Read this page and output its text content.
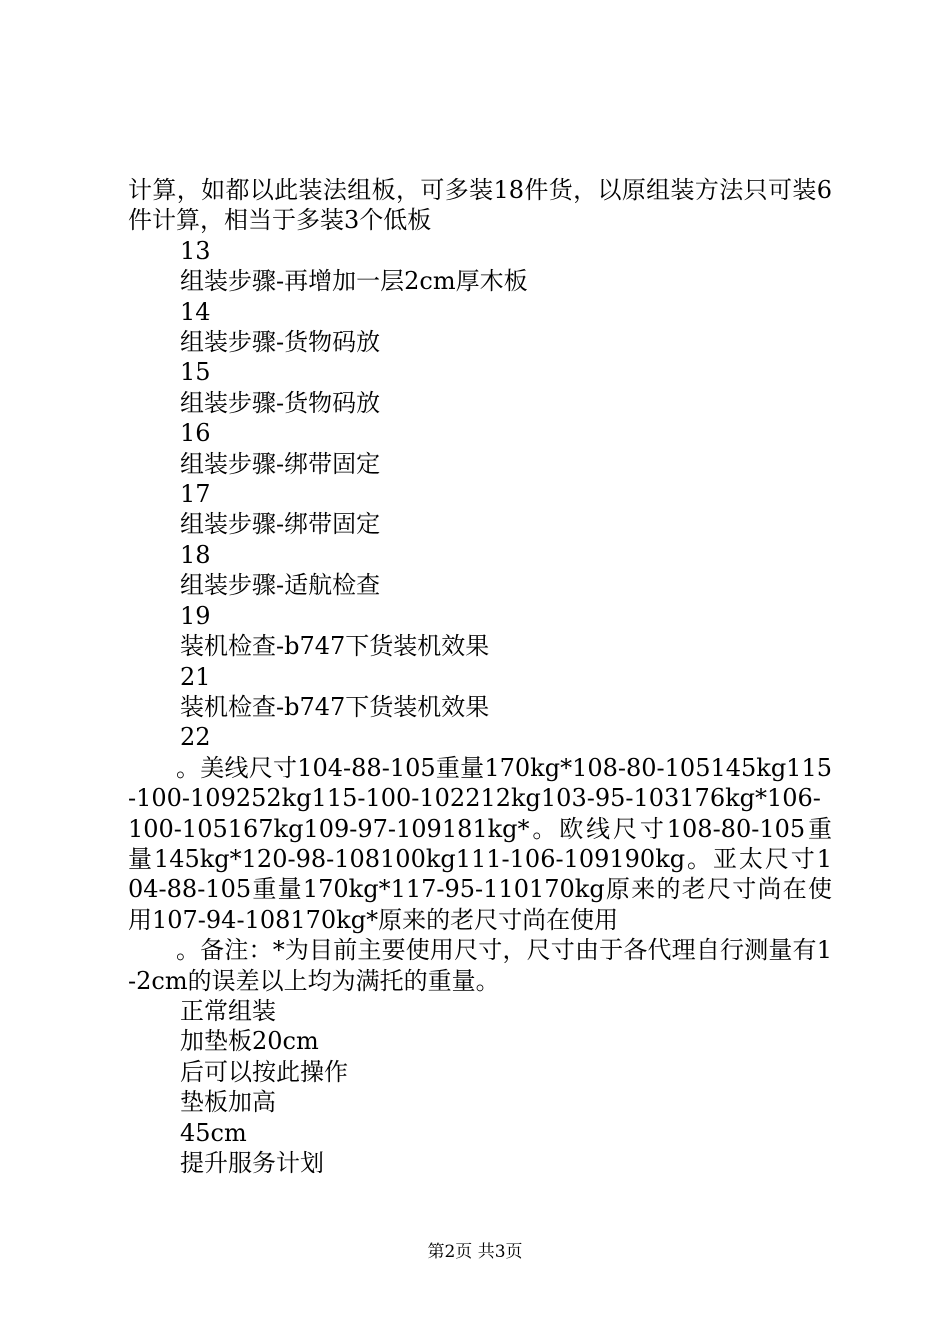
计算，如都以此装法组板，可多装18件货，以原组装方法只可装6件计算，相当于多装3个低板

13

组装步骤-再增加一层2cm厚木板

14

组装步骤-货物码放

15

组装步骤-货物码放

16

组装步骤-绑带固定

17

组装步骤-绑带固定

18

组装步骤-适航检查

19

装机检查-b747下货装机效果

21

装机检查-b747下货装机效果

22

。美线尺寸104-88-105重量170kg*108-80-105145kg115-100-109252kg115-100-102212kg103-95-103176kg*106-100-105167kg109-97-109181kg*。欧线尺寸108-80-105重量145kg*120-98-108100kg111-106-109190kg。亚太尺寸104-88-105重量170kg*117-95-110170kg原来的老尺寸尚在使用107-94-108170kg*原来的老尺寸尚在使用

。备注：*为目前主要使用尺寸，尺寸由于各代理自行测量有1-2cm的误差以上均为满托的重量。

正常组装

加垫板20cm

后可以按此操作

垫板加高

45cm

提升服务计划

第2页 共3页
